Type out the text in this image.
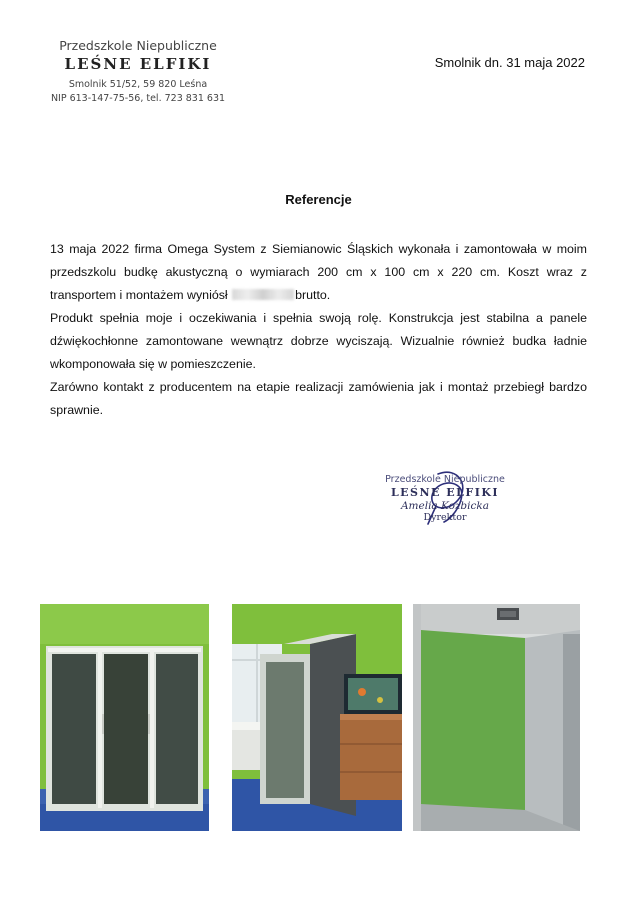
Przedszkole Niepubliczne
LEŚNE ELFIKI
Smolnik 51/52, 59 820 Leśna
NIP 613-147-75-56, tel. 723 831 631
Smolnik dn. 31 maja 2022
Referencje

13 maja 2022 firma Omega System z Siemianowic Śląskich wykonała i zamontowała w moim przedszkolu budkę akustyczną o wymiarach 200 cm x 100 cm x 220 cm. Koszt wraz z transportem i montażem wyniósł	brutto.

Produkt spełnia moje i oczekiwania i spełnia swoją rolę. Konstrukcja jest stabilna a panele dźwiękochłonne zamontowane wewnątrz dobrze wyciszają. Wizualnie również budka ładnie wkomponowała się w pomieszczenie.

Zarówno kontakt z producentem na etapie realizacji zamówienia jak i montaż przebiegł bardzo sprawnie.

Przedszkole Niepubliczne
LEŚNE ELFIKI
Amelia Kozbicka
Dyrektor
